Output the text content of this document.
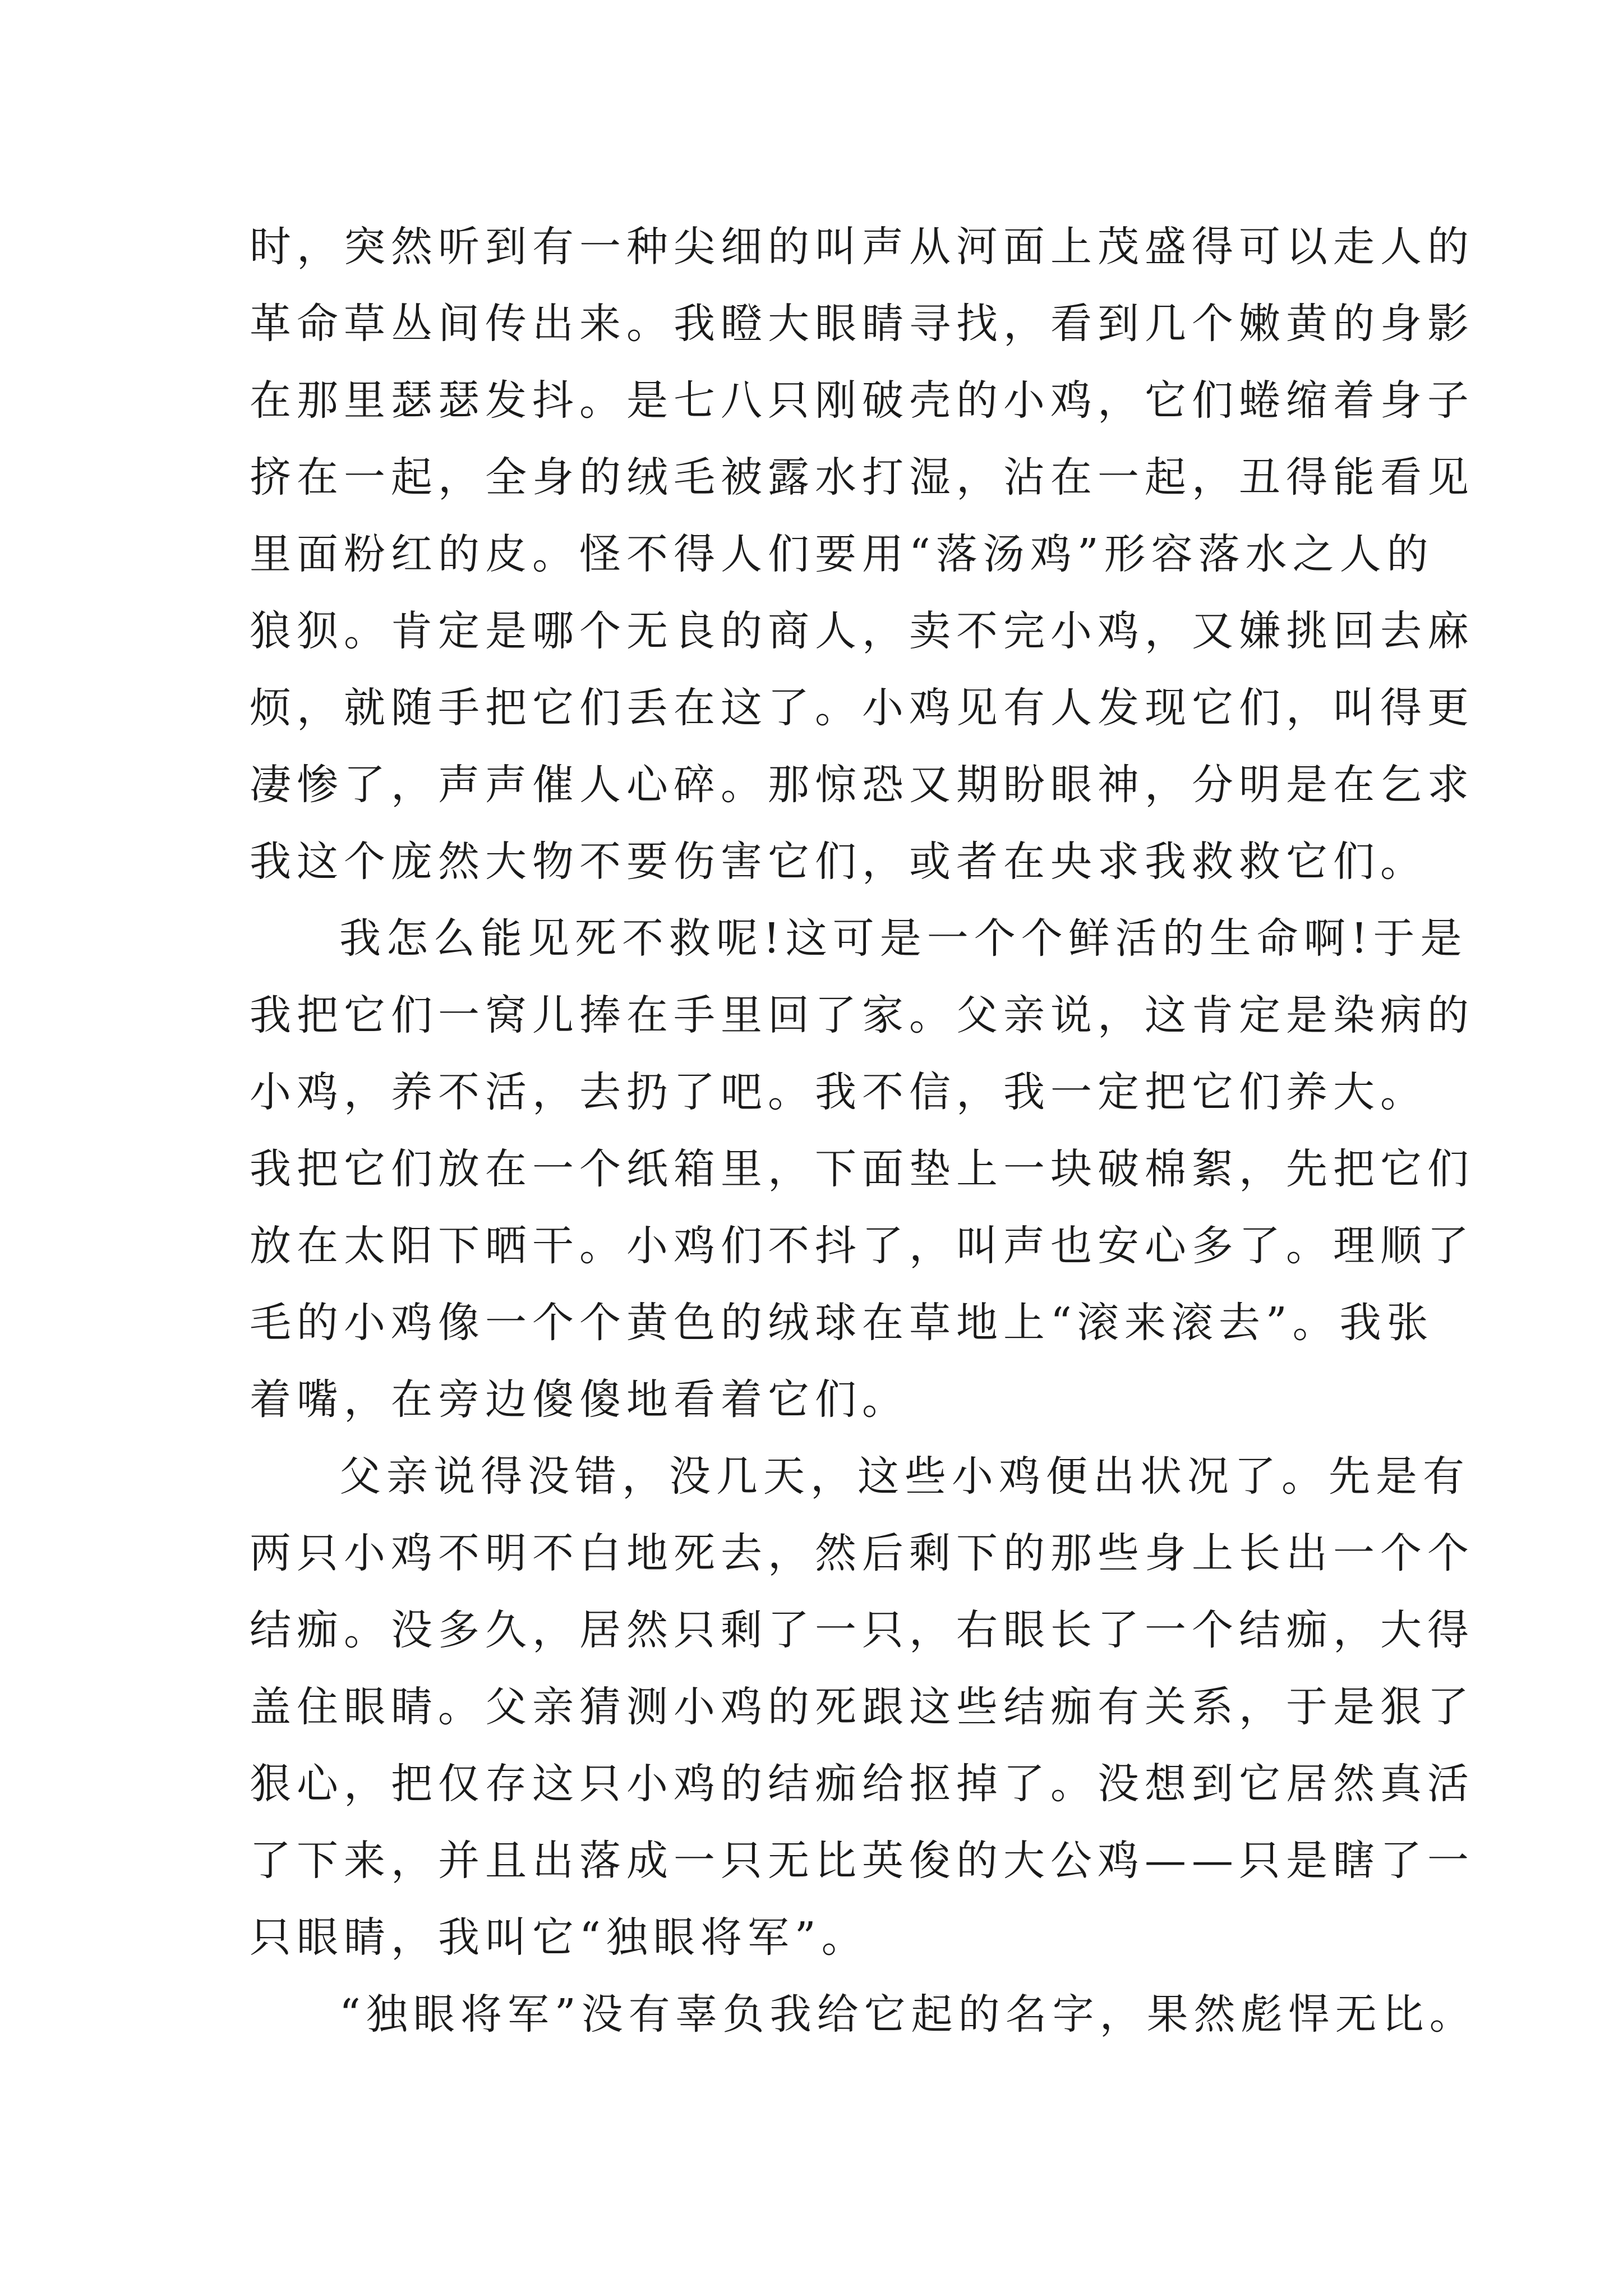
时，突然听到有一种尖细的叫声从河面上茂盛得可以走人的
革命草丛间传出来。我瞪大眼睛寻找，看到几个嫩黄的身影
在那里瑟瑟发抖。是七八只刚破壳的小鸡，它们蜷缩着身子
挤在一起，全身的绒毛被露水打湿，沾在一起，丑得能看见
里面粉红的皮。怪不得人们要用“落汤鸡”形容落水之人的
狼狈。肯定是哪个无良的商人，卖不完小鸡，又嫌挑回去麻
烦，就随手把它们丢在这了。小鸡见有人发现它们，叫得更
凄惨了，声声催人心碎。那惊恐又期盼眼神，分明是在乞求
我这个庞然大物不要伤害它们，或者在央求我救救它们。
我怎么能见死不救呢!这可是一个个鲜活的生命啊!于是
我把它们一窝儿捧在手里回了家。父亲说，这肯定是染病的
小鸡，养不活，去扔了吧。我不信，我一定把它们养大。
我把它们放在一个纸箱里，下面垫上一块破棉絮，先把它们
放在太阳下晒干。小鸡们不抖了，叫声也安心多了。理顺了
毛的小鸡像一个个黄色的绒球在草地上“滚来滚去”。我张
着嘴，在旁边傻傻地看着它们。
父亲说得没错，没几天，这些小鸡便出状况了。先是有
两只小鸡不明不白地死去，然后剩下的那些身上长出一个个
结痂。没多久，居然只剩了一只，右眼长了一个结痂，大得
盖住眼睛。父亲猜测小鸡的死跟这些结痂有关系，于是狠了
狠心，把仅存这只小鸡的结痂给抠掉了。没想到它居然真活
了下来，并且出落成一只无比英俊的大公鸡——只是瞎了一
只眼睛，我叫它“独眼将军”。
“独眼将军”没有辜负我给它起的名字，果然彪悍无比。
